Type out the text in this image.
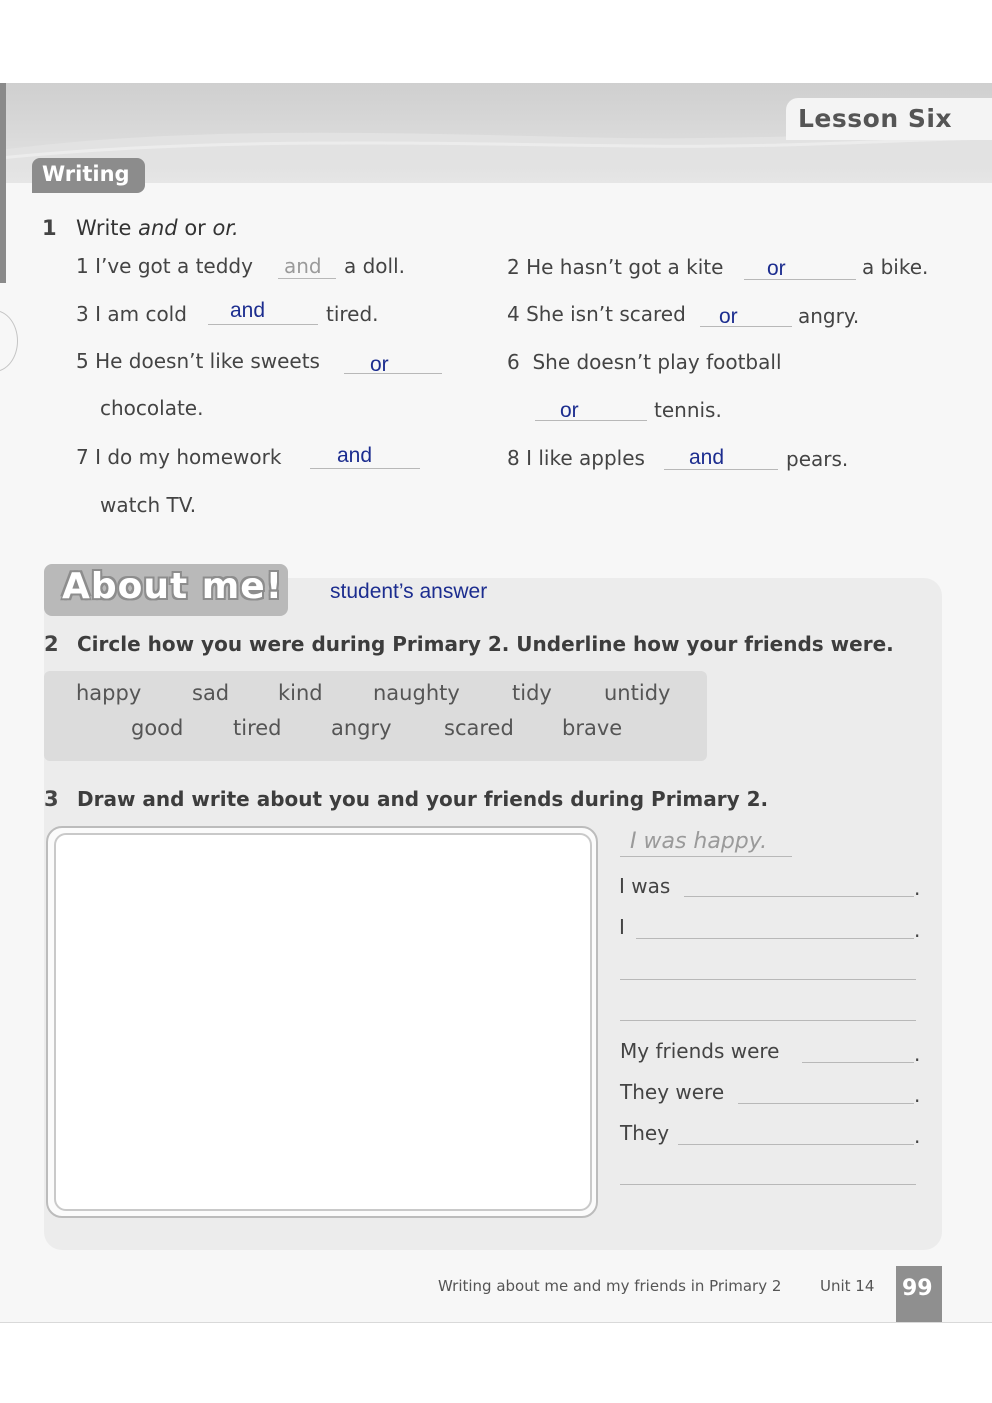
Lesson Six
Writing
1 Write and or or.
1 I’ve got a teddy and a doll.	2 He hasn’t got a kite or	a bike.
3 I am cold and	tired.	4 She isn’t scared or	angry.
5 He doesn’t like sweets or
chocolate.
6 She doesn’t play football
or	tennis.
7 I do my homework	and
watch TV.
8 I like apples and	pears.
About me! student’s answer
2 Circle how you were during Primary 2. Underline how your friends were.
happy sad kind naughty tidy untidy
good tired angry scared brave
3 Draw and write about you and your friends during Primary 2.
I was happy.
I was	.
I	.
My friends were	.
They were	.
They	.
Writing about me and my friends in Primary 2	Unit 14 99
